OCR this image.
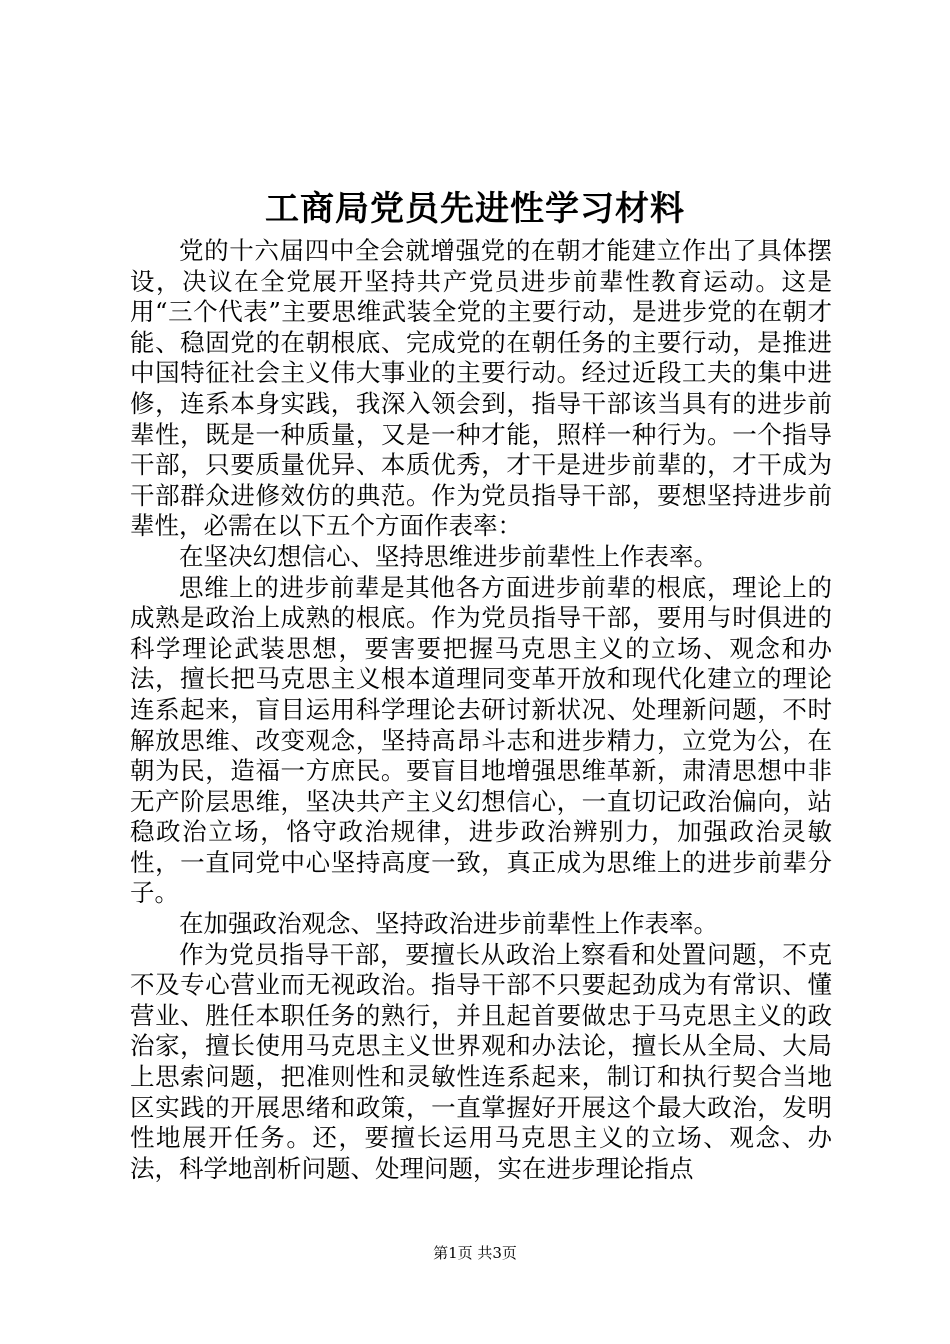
工商局党员先进性学习材料

党的十六届四中全会就增强党的在朝才能建立作出了具体摆设，决议在全党展开坚持共产党员进步前辈性教育运动。这是用“三个代表”主要思维武装全党的主要行动，是进步党的在朝才能、稳固党的在朝根底、完成党的在朝任务的主要行动，是推进中国特征社会主义伟大事业的主要行动。经过近段工夫的集中进修，连系本身实践，我深入领会到，指导干部该当具有的进步前辈性，既是一种质量，又是一种才能，照样一种行为。一个指导干部，只要质量优异、本质优秀，才干是进步前辈的，才干成为干部群众进修效仿的典范。作为党员指导干部，要想坚持进步前辈性，必需在以下五个方面作表率：

在坚决幻想信心、坚持思维进步前辈性上作表率。

思维上的进步前辈是其他各方面进步前辈的根底，理论上的成熟是政治上成熟的根底。作为党员指导干部，要用与时俱进的科学理论武装思想，要害要把握马克思主义的立场、观念和办法，擅长把马克思主义根本道理同变革开放和现代化建立的理论连系起来，盲目运用科学理论去研讨新状况、处理新问题，不时解放思维、改变观念，坚持高昂斗志和进步精力，立党为公，在朝为民，造福一方庶民。要盲目地增强思维革新，肃清思想中非无产阶层思维，坚决共产主义幻想信心，一直切记政治偏向，站稳政治立场，恪守政治规律，进步政治辨别力，加强政治灵敏性，一直同党中心坚持高度一致，真正成为思维上的进步前辈分子。

在加强政治观念、坚持政治进步前辈性上作表率。

作为党员指导干部，要擅长从政治上察看和处置问题，不克不及专心营业而无视政治。指导干部不只要起劲成为有常识、懂营业、胜任本职任务的熟行，并且起首要做忠于马克思主义的政治家，擅长使用马克思主义世界观和办法论，擅长从全局、大局上思索问题，把准则性和灵敏性连系起来，制订和执行契合当地区实践的开展思绪和政策，一直掌握好开展这个最大政治，发明性地展开任务。还，要擅长运用马克思主义的立场、观念、办法，科学地剖析问题、处理问题，实在进步理论指点

第1页 共3页
